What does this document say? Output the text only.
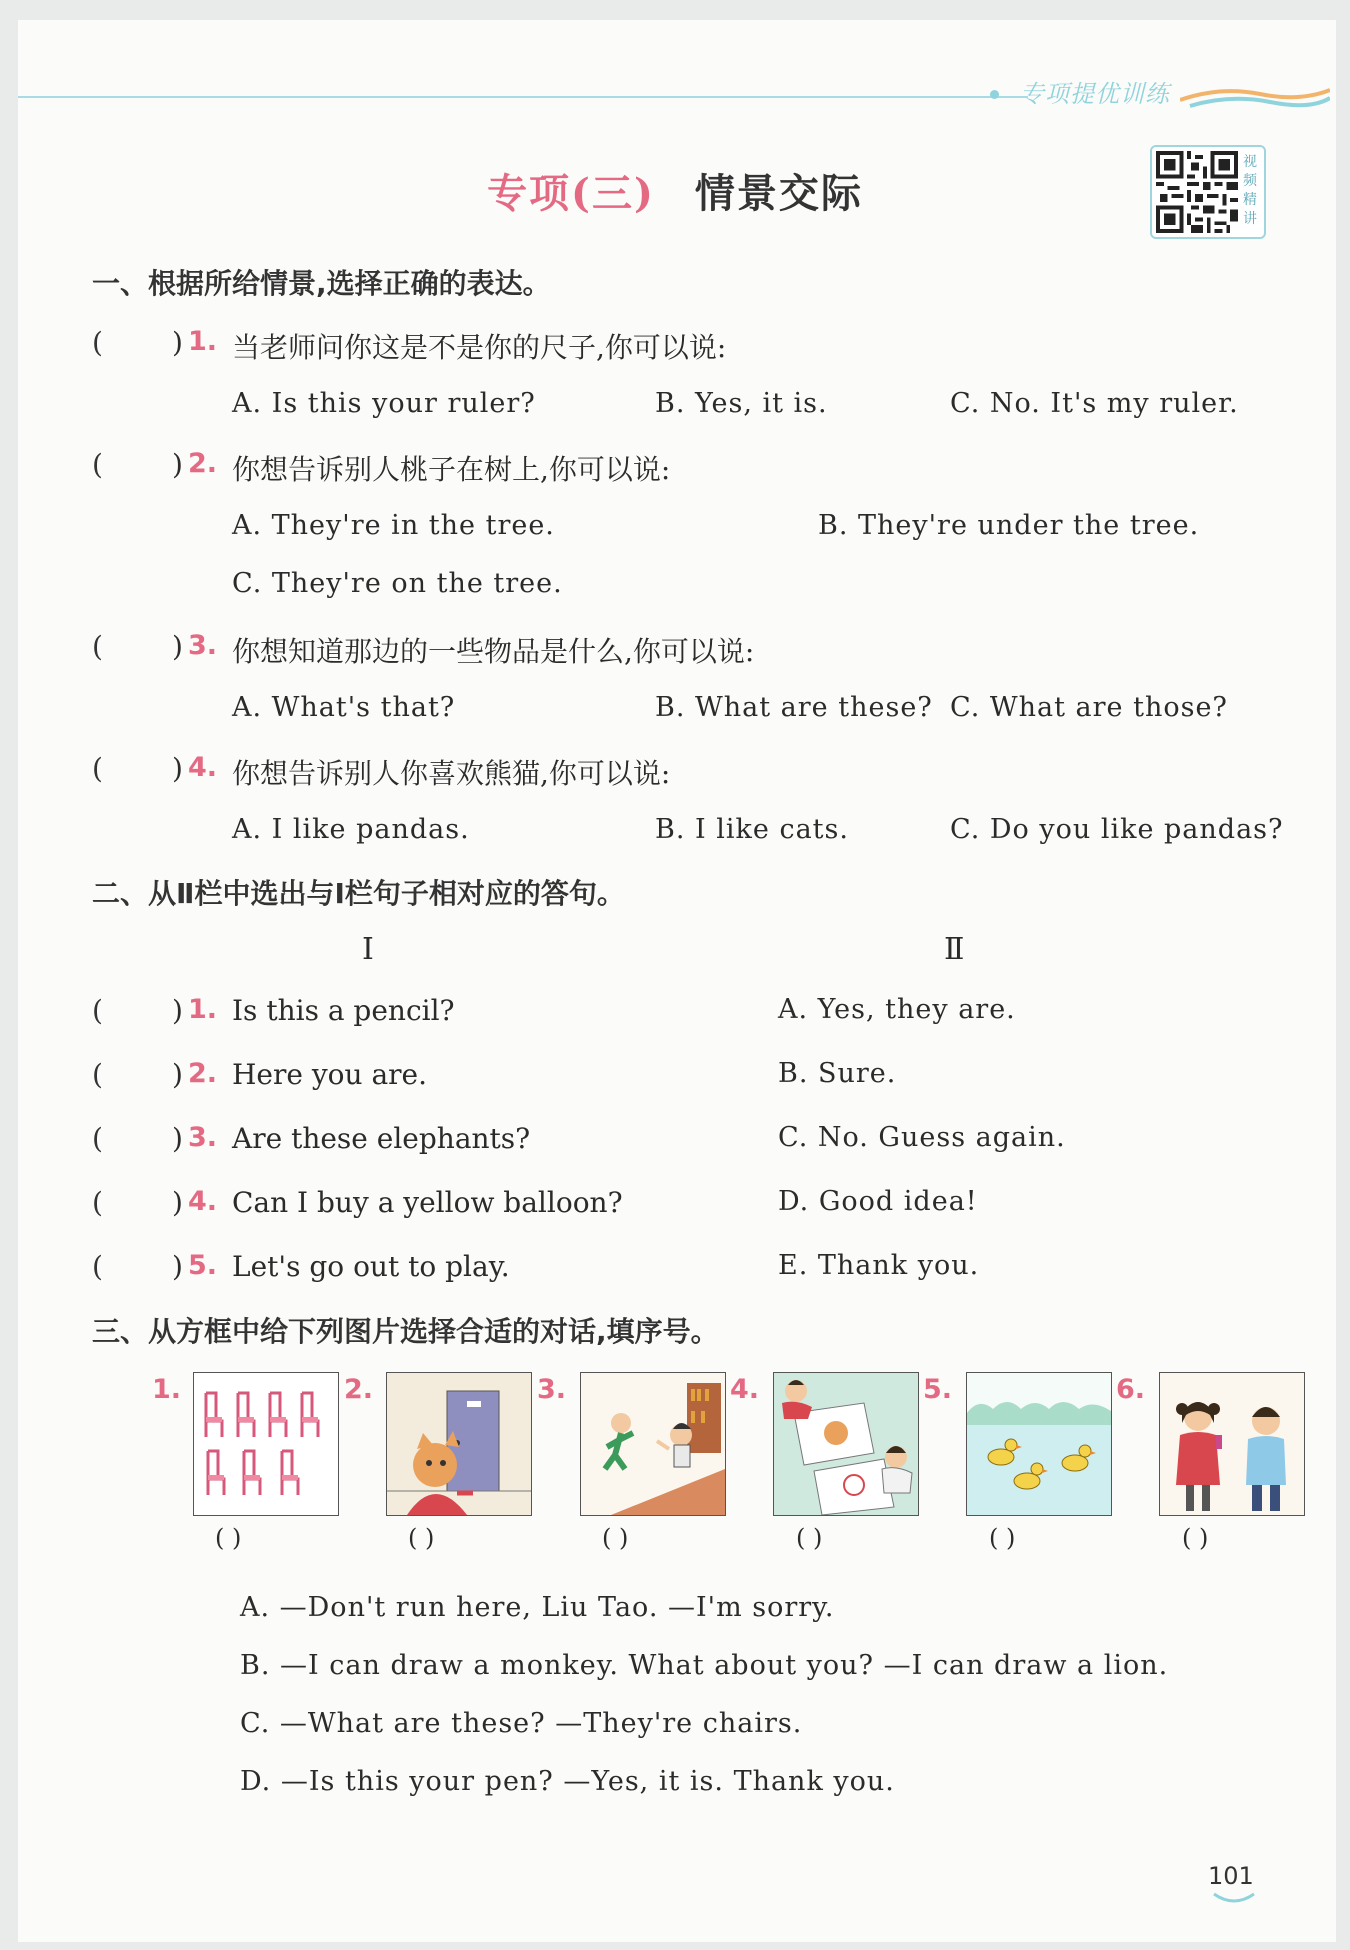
专项提优训练
专项(三) 情景交际
视
频
精
讲
一、根据所给情景,选择正确的表达。
( ) 1. 当老师问你这是不是你的尺子,你可以说:
A. Is this your ruler?	B. Yes, it is.	C. No. It's my ruler.
( ) 2. 你想告诉别人桃子在树上,你可以说:
A. They're in the tree.	B. They're under the tree.
C. They're on the tree.
( ) 3. 你想知道那边的一些物品是什么,你可以说:
A. What's that?	B. What are these? C. What are those?
( ) 4. 你想告诉别人你喜欢熊猫,你可以说:
A. I like pandas.	B. I like cats.	C. Do you like pandas?
二、从Ⅱ栏中选出与Ⅰ栏句子相对应的答句。
Ⅰ	Ⅱ
( ) 1. Is this a pencil?	A. Yes, they are.
( ) 2. Here you are.	B. Sure.
( ) 3. Are these elephants?	C. No. Guess again.
( ) 4. Can I buy a yellow balloon?	D. Good idea!
( ) 5. Let's go out to play.	E. Thank you.
三、从方框中给下列图片选择合适的对话,填序号。
1.
( )
2.
( )
3.
( )
4.
( )
5.
( )
6.
( )
A. —Don't run here, Liu Tao. —I'm sorry.
B. —I can draw a monkey. What about you? —I can draw a lion.
C. —What are these? —They're chairs.
D. —Is this your pen? —Yes, it is. Thank you.
101
